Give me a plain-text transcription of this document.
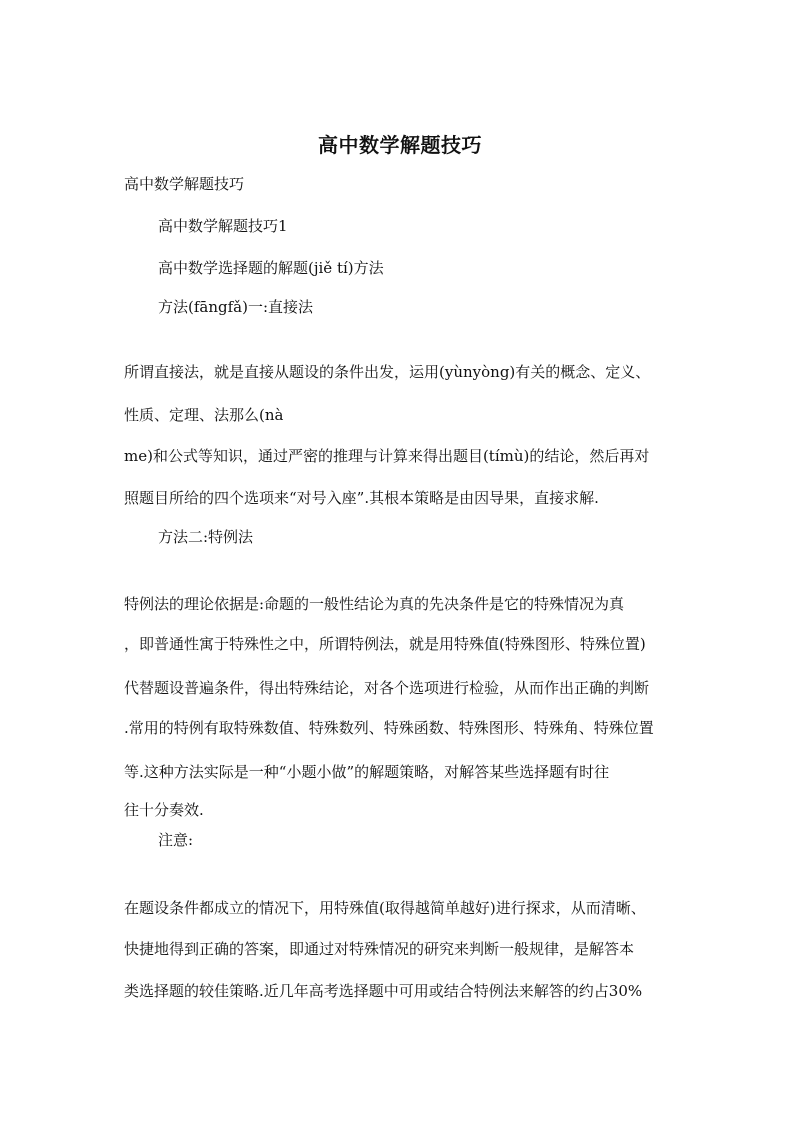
高中数学解题技巧
高中数学解题技巧
高中数学解题技巧1
高中数学选择题的解题(jiě tí)方法
方法(fāngfǎ)一:直接法
所谓直接法，就是直接从题设的条件出发，运用(yùnyòng)有关的概念、定义、
性质、定理、法那么(nà
me)和公式等知识，通过严密的推理与计算来得出题目(tímù)的结论，然后再对
照题目所给的四个选项来“对号入座”.其根本策略是由因导果，直接求解.
方法二:特例法
特例法的理论依据是:命题的一般性结论为真的先决条件是它的特殊情况为真
，即普通性寓于特殊性之中，所谓特例法，就是用特殊值(特殊图形、特殊位置)
代替题设普遍条件，得出特殊结论，对各个选项进行检验，从而作出正确的判断
.常用的特例有取特殊数值、特殊数列、特殊函数、特殊图形、特殊角、特殊位置
等.这种方法实际是一种“小题小做”的解题策略，对解答某些选择题有时往
往十分奏效.
注意:
在题设条件都成立的情况下，用特殊值(取得越简单越好)进行探求，从而清晰、
快捷地得到正确的答案，即通过对特殊情况的研究来判断一般规律，是解答本
类选择题的较佳策略.近几年高考选择题中可用或结合特例法来解答的约占30%
